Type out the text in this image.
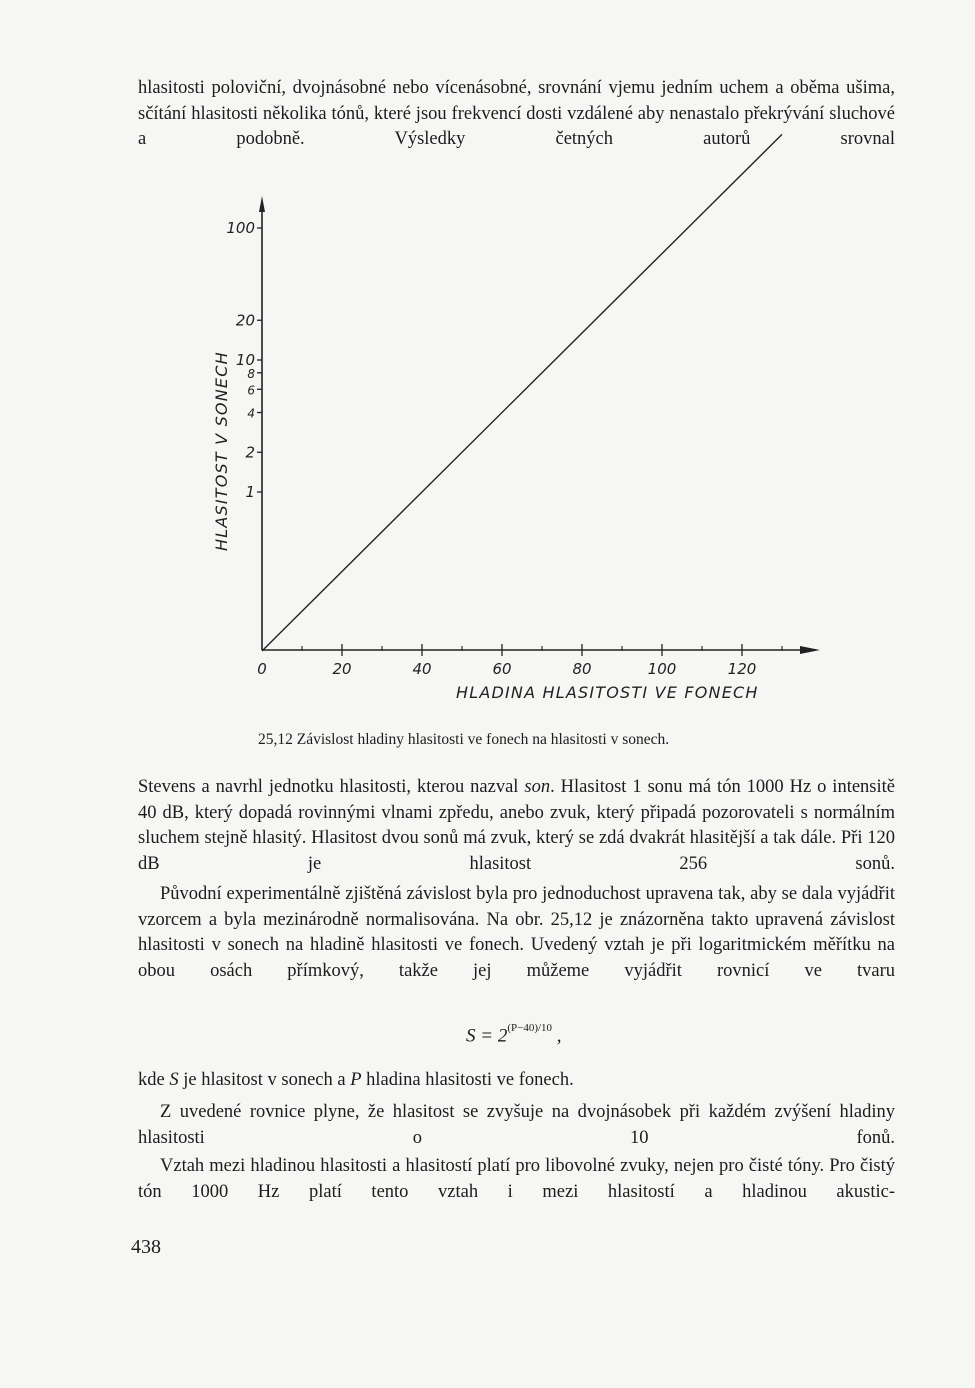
hlasitosti poloviční, dvojnásobné nebo vícenásobné, srovnání vjemu jedním uchem a oběma ušima, sčítání hlasitosti několika tónů, které jsou frekvencí dosti vzdálené aby nenastalo překrývání sluchové a podobně. Výsledky četných autorů srovnal

0	20	40	60	80	100	120
1
2
4
6
8
10
20
100
HLADINA HLASITOSTI VE FONECH
HLASITOST V SONECH

25,12 Závislost hladiny hlasitosti ve fonech na hlasitosti v sonech.

Stevens a navrhl jednotku hlasitosti, kterou nazval son. Hlasitost 1 sonu má tón 1000 Hz o intensitě 40 dB, který dopadá rovinnými vlnami zpředu, anebo zvuk, který připadá pozorovateli s normálním sluchem stejně hlasitý. Hlasitost dvou sonů má zvuk, který se zdá dvakrát hlasitější a tak dále. Při 120 dB je hlasitost 256 sonů.

Původní experimentálně zjištěná závislost byla pro jednoduchost upravena tak, aby se dala vyjádřit vzorcem a byla mezinárodně normalisována. Na obr. 25,12 je znázorněna takto upravená závislost hlasitosti v sonech na hladině hlasitosti ve fonech. Uvedený vztah je při logaritmickém měřítku na obou osách přímkový, takže jej můžeme vyjádřit rovnicí ve tvaru

$S = 2^{(P-40)/10}$ ,

kde S je hlasitost v sonech a P hladina hlasitosti ve fonech.

Z uvedené rovnice plyne, že hlasitost se zvyšuje na dvojnásobek při každém zvýšení hladiny hlasitosti o 10 fonů.

Vztah mezi hladinou hlasitosti a hlasitostí platí pro libovolné zvuky, nejen pro čisté tóny. Pro čistý tón 1000 Hz platí tento vztah i mezi hlasitostí a hladinou akustic-

438
